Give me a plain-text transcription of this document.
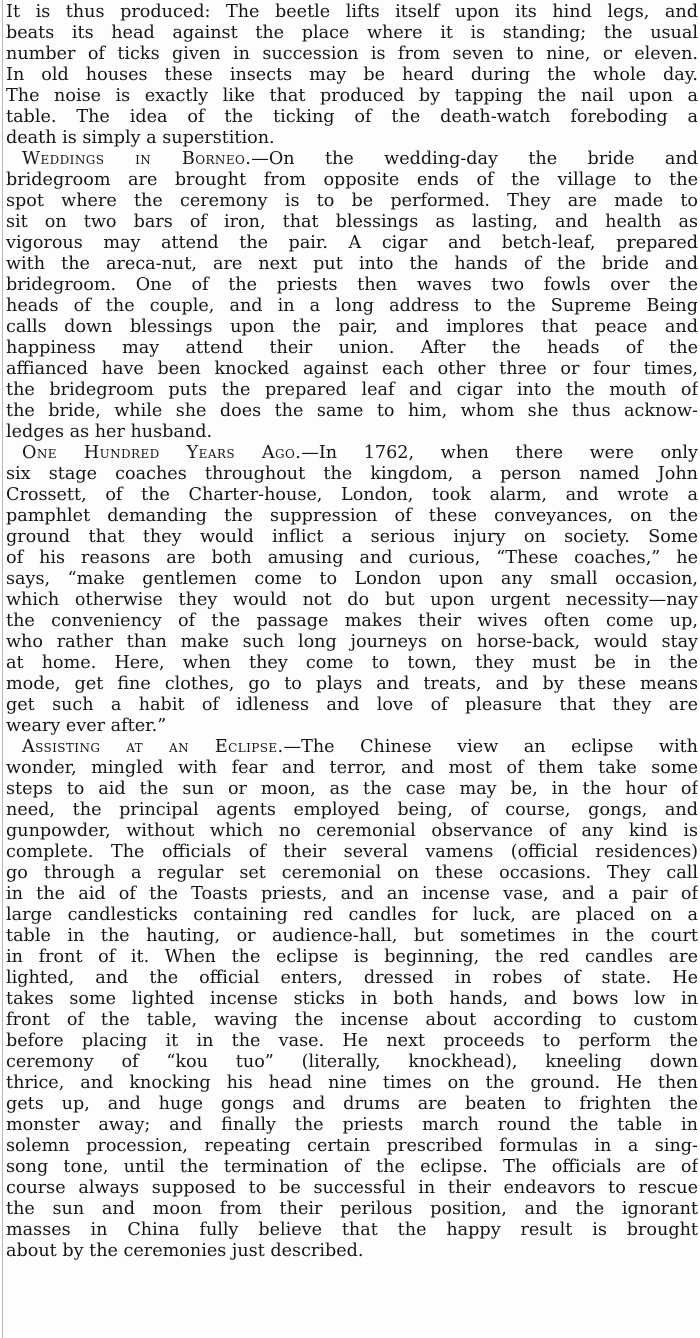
It is thus produced: The beetle lifts itself upon its hind legs, and
beats its head against the place where it is standing; the usual
number of ticks given in succession is from seven to nine, or eleven.
In old houses these insects may be heard during the whole day.
The noise is exactly like that produced by tapping the nail upon a
table. The idea of the ticking of the death-watch foreboding a
death is simply a superstition.
Weddings in Borneo.—On the wedding-day the bride and
bridegroom are brought from opposite ends of the village to the
spot where the ceremony is to be performed. They are made to
sit on two bars of iron, that blessings as lasting, and health as
vigorous may attend the pair. A cigar and betch-leaf, prepared
with the areca-nut, are next put into the hands of the bride and
bridegroom. One of the priests then waves two fowls over the
heads of the couple, and in a long address to the Supreme Being
calls down blessings upon the pair, and implores that peace and
happiness may attend their union. After the heads of the
affianced have been knocked against each other three or four times,
the bridegroom puts the prepared leaf and cigar into the mouth of
the bride, while she does the same to him, whom she thus acknow-
ledges as her husband.
One Hundred Years Ago.—In 1762, when there were only
six stage coaches throughout the kingdom, a person named John
Crossett, of the Charter-house, London, took alarm, and wrote a
pamphlet demanding the suppression of these conveyances, on the
ground that they would inflict a serious injury on society. Some
of his reasons are both amusing and curious, “These coaches,” he
says, “make gentlemen come to London upon any small occasion,
which otherwise they would not do but upon urgent necessity—nay
the conveniency of the passage makes their wives often come up,
who rather than make such long journeys on horse-back, would stay
at home. Here, when they come to town, they must be in the
mode, get fine clothes, go to plays and treats, and by these means
get such a habit of idleness and love of pleasure that they are
weary ever after.”
Assisting at an Eclipse.—The Chinese view an eclipse with
wonder, mingled with fear and terror, and most of them take some
steps to aid the sun or moon, as the case may be, in the hour of
need, the principal agents employed being, of course, gongs, and
gunpowder, without which no ceremonial observance of any kind is
complete. The officials of their several vamens (official residences)
go through a regular set ceremonial on these occasions. They call
in the aid of the Toasts priests, and an incense vase, and a pair of
large candlesticks containing red candles for luck, are placed on a
table in the hauting, or audience-hall, but sometimes in the court
in front of it. When the eclipse is beginning, the red candles are
lighted, and the official enters, dressed in robes of state. He
takes some lighted incense sticks in both hands, and bows low in
front of the table, waving the incense about according to custom
before placing it in the vase. He next proceeds to perform the
ceremony of “kou tuo” (literally, knockhead), kneeling down
thrice, and knocking his head nine times on the ground. He then
gets up, and huge gongs and drums are beaten to frighten the
monster away; and finally the priests march round the table in
solemn procession, repeating certain prescribed formulas in a sing-
song tone, until the termination of the eclipse. The officials are of
course always supposed to be successful in their endeavors to rescue
the sun and moon from their perilous position, and the ignorant
masses in China fully believe that the happy result is brought
about by the ceremonies just described.
